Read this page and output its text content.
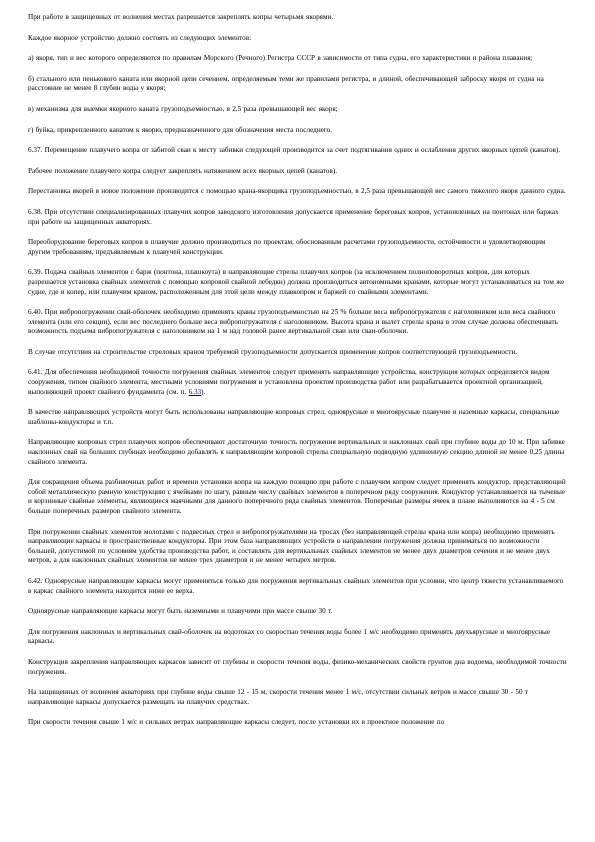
При работе в защищенных от волнения местах разрешается закреплять копры четырьмя якорями.

Каждое якорное устройство должно состоять из следующих элементов:

а) якоря, тип и вес которого определяются по правилам Морского (Речного) Регистра СССР в зависимости от типа судна, его характеристики и района плавания;

б) стального или пенькового каната или якорной цепи сечением, определяемым теми же правилами регистра, и длиной, обеспечивающей заброску якоря от судна на расстояние не менее 8 глубин воды у якоря;

в) механизма для выемки якорного каната грузоподъемностью, в 2,5 раза превышающей вес якоря;

г) буйка, прикрепленного канатом к якорю, предназначенного для обозначения места последнего.

6.37. Перемещение плавучего копра от забитой сваи к месту забивки следующей производится за счет подтягивания одних и ослабления других якорных цепей (канатов).

Рабочее положение плавучего копра следует закреплять натяжением всех якорных цепей (канатов).

Перестановка якорей в новое положение производится с помощью крана-якорщика грузоподъемностью, в 2,5 раза превышающей вес самого тяжелого якоря данного судна.

6.38. При отсутствии специализированных плавучих копров заводского изготовления допускается применение береговых копров, установленных на понтонах или баржах при работе на защищенных акваториях.

Переоборудование береговых копров в плавучие должно производиться по проектам, обоснованным расчетами грузоподъемности, остойчивости и удовлетворяющим другим требованиям, предъявляемым к плавучей конструкции.

6.39. Подача свайных элементов с барж (понтона, плашкоута) в направляющие стрелы плавучих копров (за исключением полноповоротных копров, для которых разрешается установка свайных элементов с помощью копровой свайной лебедки) должна производиться автономными кранами, которые могут устанавливаться на том же судне, где и копер, или плавучим краном, расположенным для этой цели между плавкопром и баржей со свайными элементами.

6.40. При вибропогружении свай-оболочек необходимо применять краны грузоподъемностью на 25 % больше веса вибропогружателя с наголовником или веса свайного элемента (или его секции), если вес последнего больше веса вибропогружателя с наголовником. Высота крана и вылет стрелы крана в этом случае должны обеспечивать возможность подъема вибропогружателя с наголовником на 1 м над головой ранее вертикальной сваи или сваи-оболочки.

В случае отсутствия на строительстве стреловых кранов требуемой грузоподъемности допускается применение копров соответствующей грузоподъемности.

6.41. Для обеспечения необходимой точности погружения свайных элементов следует применять направляющие устройства, конструкция которых определяется видом сооружения, типом свайного элемента, местными условиями погружения и установлена проектом производства работ или разрабатывается проектной организацией, выполняющей проект свайного фундамента (см. п. 6.33).

В качестве направляющих устройств могут быть использованы направляющие копровых стрел, одноярусные и многоярусные плавучие и наземные каркасы, специальные шаблоны-кондукторы и т.п.

Направляющие копровых стрел плавучих копров обеспечивают достаточную точность погружения вертикальных и наклонных свай при глубине воды до 10 м. При забивке наклонных свай на больших глубинах необходимо добавлять к направляющим копровой стрелы специальную подводную удлиненную секцию длиной не менее 0,25 длины свайного элемента.

Для сокращения объема разбивочных работ и времени установки копра на каждую позицию при работе с плавучим копром следует применять кондуктор, представляющий собой металлическую рамную конструкцию с ячейками по шагу, равным числу свайных элементов в поперечном ряду сооружения. Кондуктор устанавливается на тычевые и корзинные свайные элементы, являющиеся маячными для данного поперечного ряда свайных элементов. Поперечные размеры ячеек в плане выполняются на 4 - 5 см больше поперечных размеров свайного элемента.

При погружении свайных элементов молотами с подвесных стрел и вибропогружателями на тросах (без направляющей стрелы крана или копра) необходимо применять направляющие каркасы и пространственные кондукторы. При этом база направляющих устройств в направлении погружения должна приниматься по возможности большей, допустимой по условиям удобства производства работ, и составлять для вертикальных свайных элементов не менее двух диаметров сечения и не менее двух метров, а для наклонных свайных элементов не менее трех диаметров и не менее четырех метров.

6.42. Одноярусные направляющие каркасы могут применяться только для погружения вертикальных свайных элементов при условии, что центр тяжести устанавливаемого в каркас свайного элемента находится ниже ее верха.

Одноярусные направляющие каркасы могут быть наземными и плавучими при массе свыше 30 т.

Для погружения наклонных и вертикальных свай-оболочек на водотоках со скоростью течения воды более 1 м/с необходимо применять двухъярусные и многоярусные каркасы.

Конструкция закрепления направляющих каркасов зависит от глубины и скорости течения воды, физико-механических свойств грунтов дна водоема, необходимой точности погружения.

На защищенных от волнения акваториях при глубине воды свыше 12 - 15 м, скорости течения менее 1 м/с, отсутствии сильных ветров и массе свыше 30 - 50 т направляющие каркасы допускается размещать на плавучих средствах.

При скорости течения свыше 1 м/с и сильных ветрах направляющие каркасы следует, после установки их в проектное положение по
